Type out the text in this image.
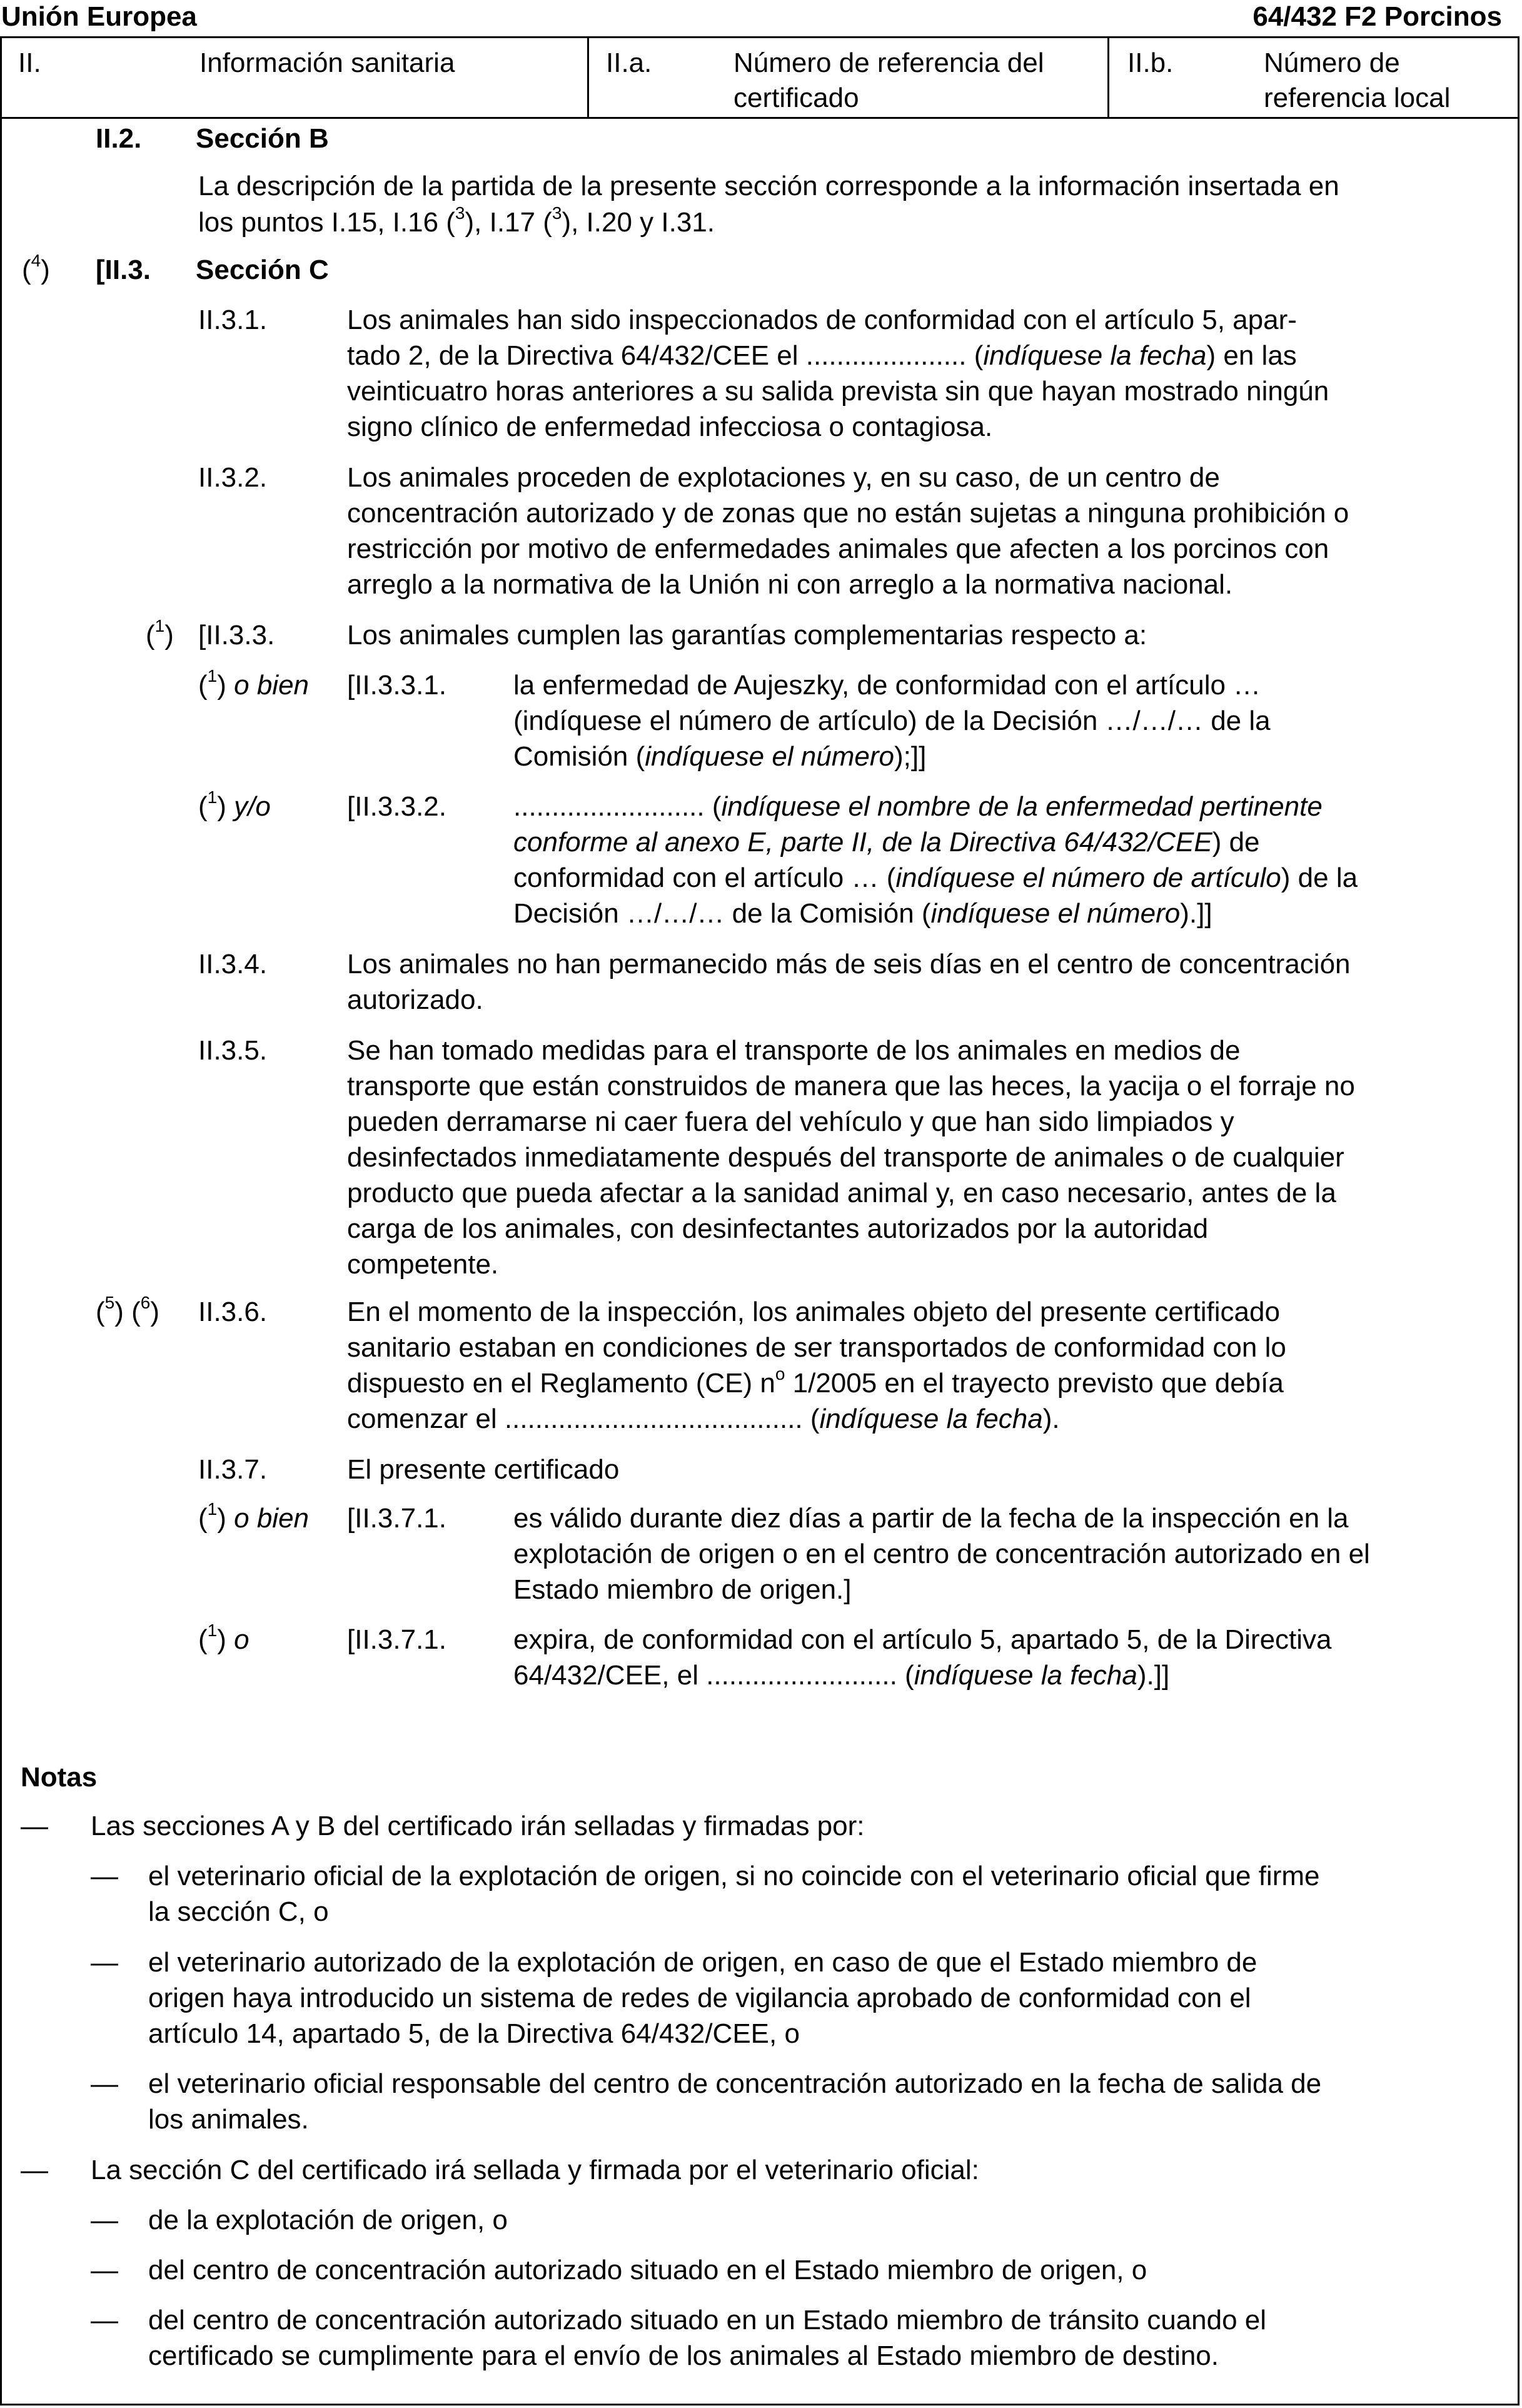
Unión Europea	64/432 F2 Porcinos
II.	Información sanitaria	II.a.	Número de referencia del
certificado
II.b.	Número de
referencia local
II.2. Sección B
La descripción de la partida de la presente sección corresponde a la información insertada en
los puntos I.15, I.16 ($^3$), I.17 ($^3$), I.20 y I.31.
($^4$) [II.3. Sección C
II.3.1.	Los animales han sido inspeccionados de conformidad con el artículo 5, apar-
tado 2, de la Directiva 64/432/CEE el ..................... (indíquese la fecha) en las
veinticuatro horas anteriores a su salida prevista sin que hayan mostrado ningún
signo clínico de enfermedad infecciosa o contagiosa.
II.3.2.	Los animales proceden de explotaciones y, en su caso, de un centro de
concentración autorizado y de zonas que no están sujetas a ninguna prohibición o
restricción por motivo de enfermedades animales que afecten a los porcinos con
arreglo a la normativa de la Unión ni con arreglo a la normativa nacional.
($^1$) [II.3.3.	Los animales cumplen las garantías complementarias respecto a:
($^1$) o bien [II.3.3.1. la enfermedad de Aujeszky, de conformidad con el artículo …
(indíquese el número de artículo) de la Decisión …/…/… de la
Comisión (indíquese el número);]]
($^1$) y/o	[II.3.3.2. ......................... (indíquese el nombre de la enfermedad pertinente
conforme al anexo E, parte II, de la Directiva 64/432/CEE) de
conformidad con el artículo … (indíquese el número de artículo) de la
Decisión …/…/… de la Comisión (indíquese el número).]]
II.3.4.	Los animales no han permanecido más de seis días en el centro de concentración
autorizado.
II.3.5.	Se han tomado medidas para el transporte de los animales en medios de
transporte que están construidos de manera que las heces, la yacija o el forraje no
pueden derramarse ni caer fuera del vehículo y que han sido limpiados y
desinfectados inmediatamente después del transporte de animales o de cualquier
producto que pueda afectar a la sanidad animal y, en caso necesario, antes de la
carga de los animales, con desinfectantes autorizados por la autoridad
competente.
($^5$) ($^6$) II.3.6.	En el momento de la inspección, los animales objeto del presente certificado
sanitario estaban en condiciones de ser transportados de conformidad con lo
dispuesto en el Reglamento (CE) $n^o$ 1/2005 en el trayecto previsto que debía
comenzar el ....................................... (indíquese la fecha).
II.3.7.	El presente certificado
($^1$) o bien [II.3.7.1. es válido durante diez días a partir de la fecha de la inspección en la
explotación de origen o en el centro de concentración autorizado en el
Estado miembro de origen.]
($^1$) o	[II.3.7.1. expira, de conformidad con el artículo 5, apartado 5, de la Directiva
64/432/CEE, el ......................... (indíquese la fecha).]]
Notas
— Las secciones A y B del certificado irán selladas y firmadas por:
— el veterinario oficial de la explotación de origen, si no coincide con el veterinario oficial que firme
la sección C, o
— el veterinario autorizado de la explotación de origen, en caso de que el Estado miembro de
origen haya introducido un sistema de redes de vigilancia aprobado de conformidad con el
artículo 14, apartado 5, de la Directiva 64/432/CEE, o
— el veterinario oficial responsable del centro de concentración autorizado en la fecha de salida de
los animales.
— La sección C del certificado irá sellada y firmada por el veterinario oficial:
— de la explotación de origen, o
— del centro de concentración autorizado situado en el Estado miembro de origen, o
— del centro de concentración autorizado situado en un Estado miembro de tránsito cuando el
certificado se cumplimente para el envío de los animales al Estado miembro de destino.
